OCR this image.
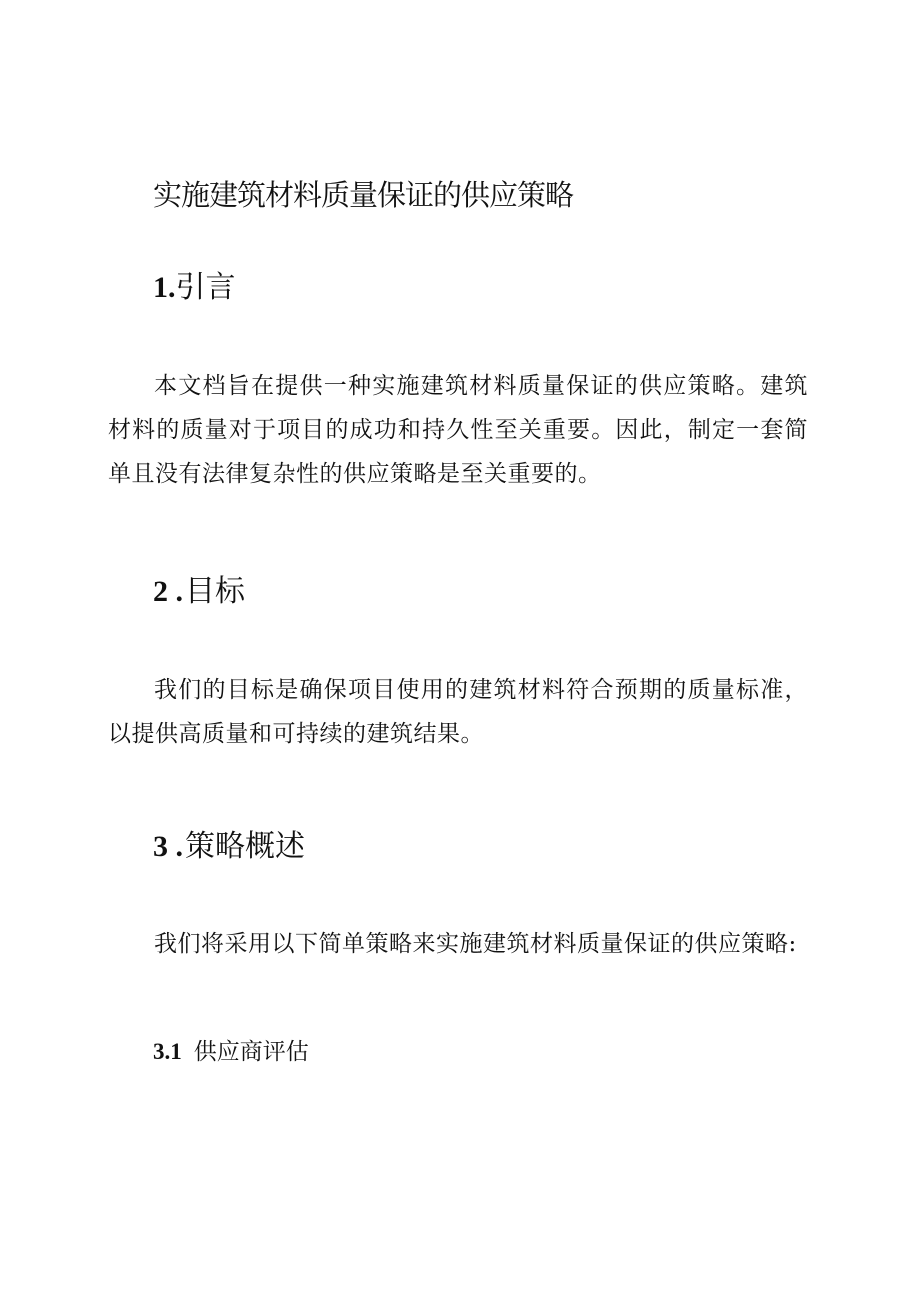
实施建筑材料质量保证的供应策略
1.引言
本文档旨在提供一种实施建筑材料质量保证的供应策略。建筑材料的质量对于项目的成功和持久性至关重要。因此，制定一套简单且没有法律复杂性的供应策略是至关重要的。
2 .目标
我们的目标是确保项目使用的建筑材料符合预期的质量标准，以提供高质量和可持续的建筑结果。
3 .策略概述
我们将采用以下简单策略来实施建筑材料质量保证的供应策略:
3.1 供应商评估
